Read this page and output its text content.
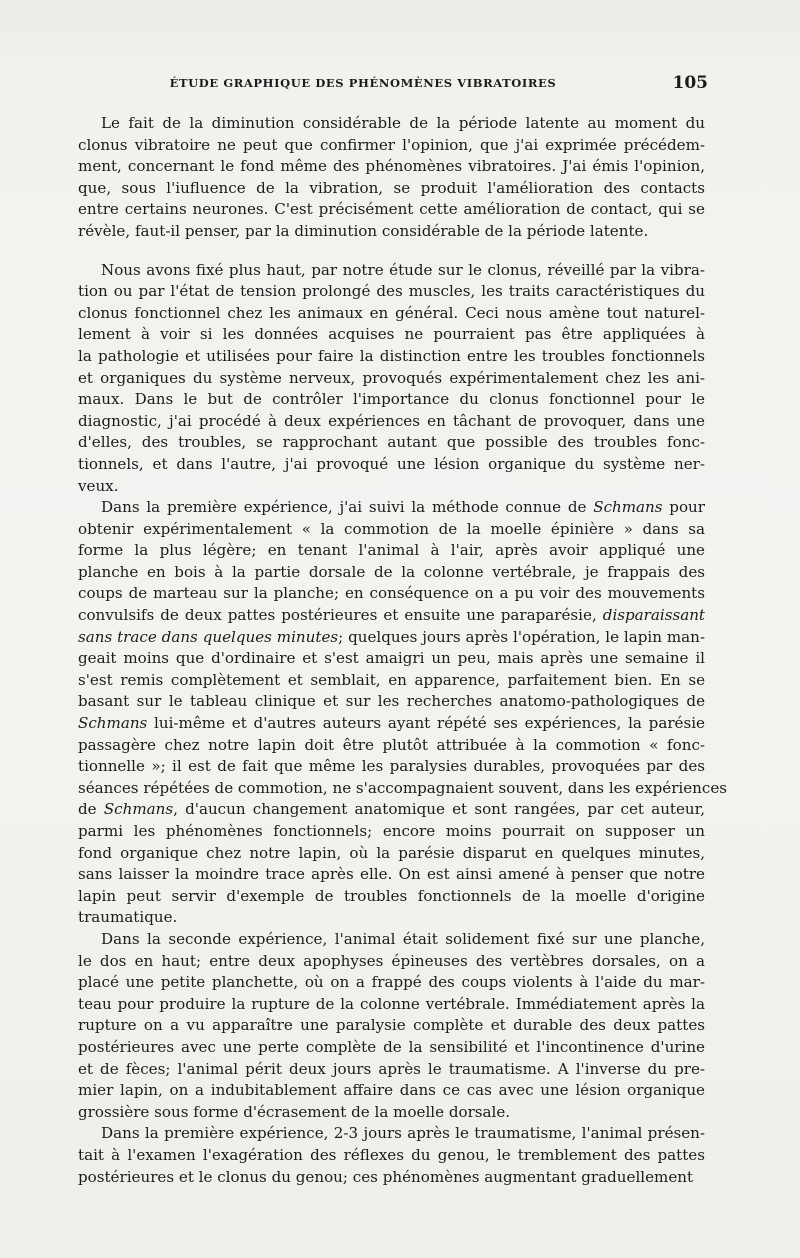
ÉTUDE GRAPHIQUE DES PHÉNOMÈNES VIBRATOIRES	105
Le fait de la diminution considérable de la période latente au moment du
clonus vibratoire ne peut que confirmer l'opinion, que j'ai exprimée précédem-
ment, concernant le fond même des phénomènes vibratoires. J'ai émis l'opinion,
que, sous l'iufluence de la vibration, se produit l'amélioration des contacts
entre certains neurones. C'est précisément cette amélioration de contact, qui se
révèle, faut-il penser, par la diminution considérable de la période latente.
Nous avons fixé plus haut, par notre étude sur le clonus, réveillé par la vibra-
tion ou par l'état de tension prolongé des muscles, les traits caractéristiques du
clonus fonctionnel chez les animaux en général. Ceci nous amène tout naturel-
lement à voir si les données acquises ne pourraient pas être appliquées à
la pathologie et utilisées pour faire la distinction entre les troubles fonctionnels
et organiques du système nerveux, provoqués expérimentalement chez les ani-
maux. Dans le but de contrôler l'importance du clonus fonctionnel pour le
diagnostic, j'ai procédé à deux expériences en tâchant de provoquer, dans une
d'elles, des troubles, se rapprochant autant que possible des troubles fonc-
tionnels, et dans l'autre, j'ai provoqué une lésion organique du système ner-
veux.
Dans la première expérience, j'ai suivi la méthode connue de Schmans pour
obtenir expérimentalement « la commotion de la moelle épinière » dans sa
forme la plus légère; en tenant l'animal à l'air, après avoir appliqué une
planche en bois à la partie dorsale de la colonne vertébrale, je frappais des
coups de marteau sur la planche; en conséquence on a pu voir des mouvements
convulsifs de deux pattes postérieures et ensuite une paraparésie, disparaissant
sans trace dans quelques minutes; quelques jours après l'opération, le lapin man-
geait moins que d'ordinaire et s'est amaigri un peu, mais après une semaine il
s'est remis complètement et semblait, en apparence, parfaitement bien. En se
basant sur le tableau clinique et sur les recherches anatomo-pathologiques de
Schmans lui-même et d'autres auteurs ayant répété ses expériences, la parésie
passagère chez notre lapin doit être plutôt attribuée à la commotion « fonc-
tionnelle »; il est de fait que même les paralysies durables, provoquées par des
séances répétées de commotion, ne s'accompagnaient souvent, dans les expériences
de Schmans, d'aucun changement anatomique et sont rangées, par cet auteur,
parmi les phénomènes fonctionnels; encore moins pourrait on supposer un
fond organique chez notre lapin, où la parésie disparut en quelques minutes,
sans laisser la moindre trace après elle. On est ainsi amené à penser que notre
lapin peut servir d'exemple de troubles fonctionnels de la moelle d'origine
traumatique.
Dans la seconde expérience, l'animal était solidement fixé sur une planche,
le dos en haut; entre deux apophyses épineuses des vertèbres dorsales, on a
placé une petite planchette, où on a frappé des coups violents à l'aide du mar-
teau pour produire la rupture de la colonne vertébrale. Immédiatement après la
rupture on a vu apparaître une paralysie complète et durable des deux pattes
postérieures avec une perte complète de la sensibilité et l'incontinence d'urine
et de fèces; l'animal périt deux jours après le traumatisme. A l'inverse du pre-
mier lapin, on a indubitablement affaire dans ce cas avec une lésion organique
grossière sous forme d'écrasement de la moelle dorsale.
Dans la première expérience, 2-3 jours après le traumatisme, l'animal présen-
tait à l'examen l'exagération des réflexes du genou, le tremblement des pattes
postérieures et le clonus du genou; ces phénomènes augmentant graduellement
